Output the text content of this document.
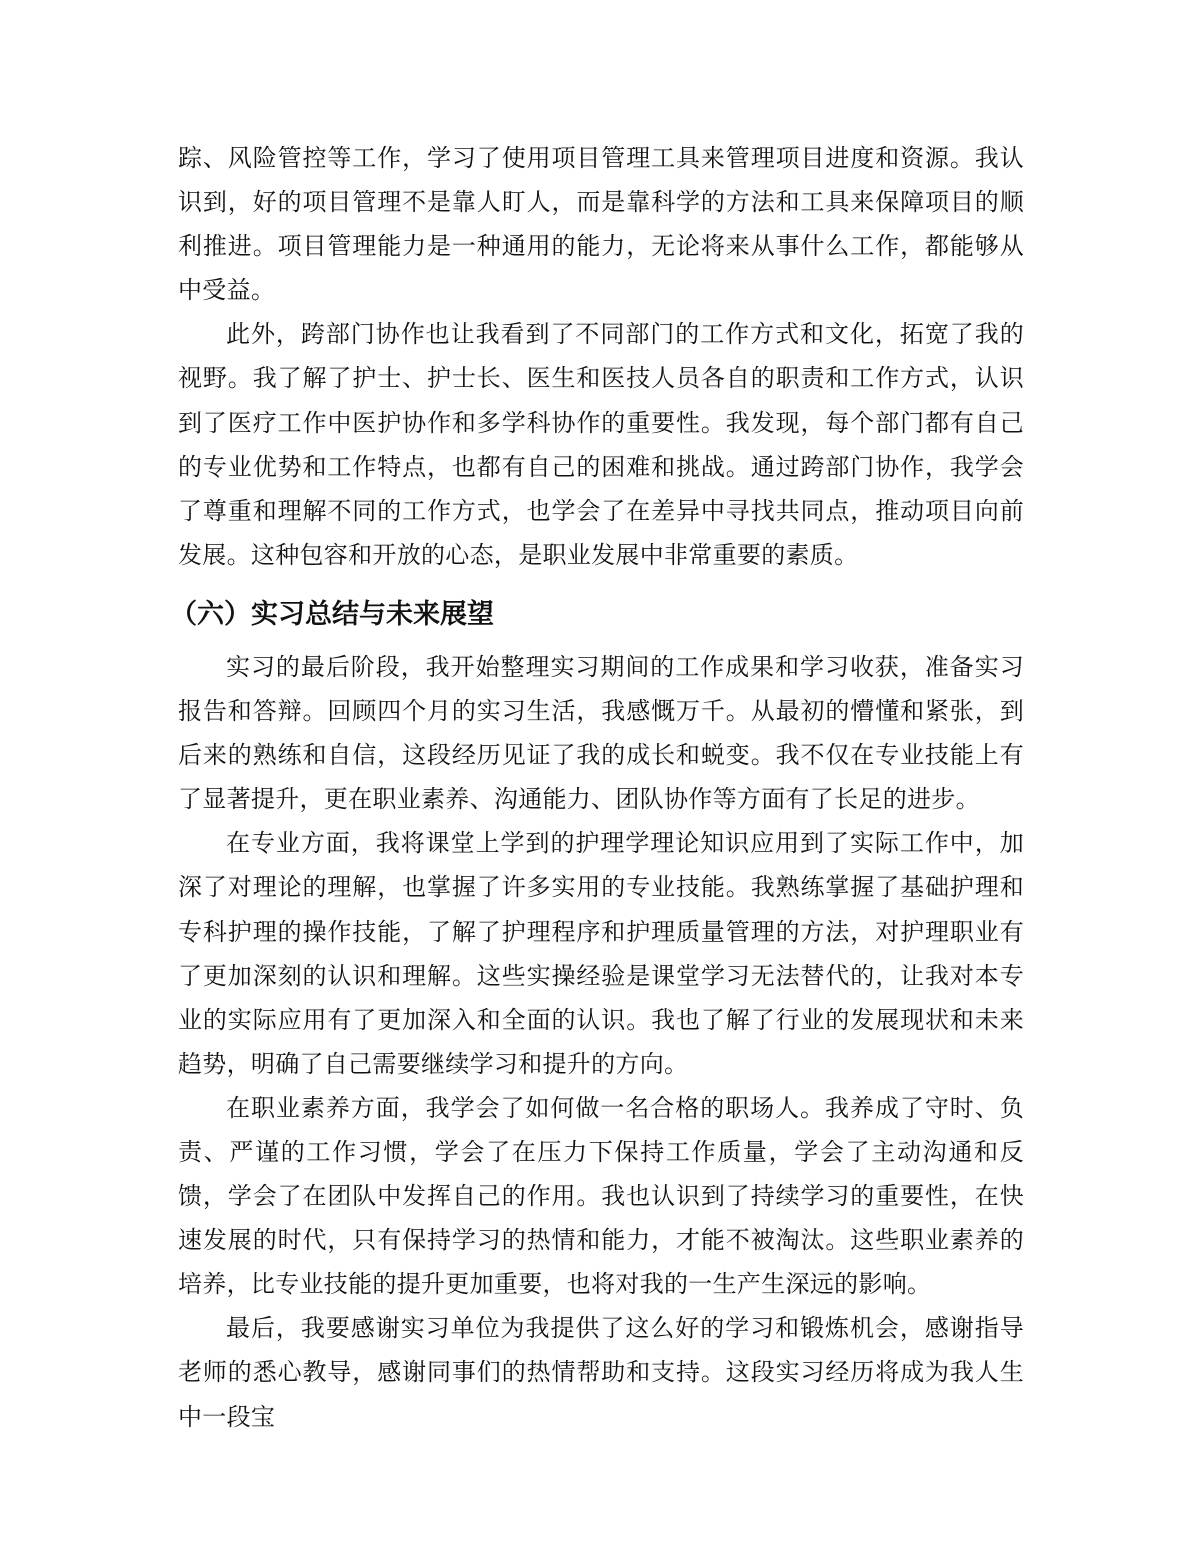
踪、风险管控等工作，学习了使用项目管理工具来管理项目进度和资源。我认识到，好的项目管理不是靠人盯人，而是靠科学的方法和工具来保障项目的顺利推进。项目管理能力是一种通用的能力，无论将来从事什么工作，都能够从中受益。

此外，跨部门协作也让我看到了不同部门的工作方式和文化，拓宽了我的视野。我了解了护士、护士长、医生和医技人员各自的职责和工作方式，认识到了医疗工作中医护协作和多学科协作的重要性。我发现，每个部门都有自己的专业优势和工作特点，也都有自己的困难和挑战。通过跨部门协作，我学会了尊重和理解不同的工作方式，也学会了在差异中寻找共同点，推动项目向前发展。这种包容和开放的心态，是职业发展中非常重要的素质。

（六）实习总结与未来展望

实习的最后阶段，我开始整理实习期间的工作成果和学习收获，准备实习报告和答辩。回顾四个月的实习生活，我感慨万千。从最初的懵懂和紧张，到后来的熟练和自信，这段经历见证了我的成长和蜕变。我不仅在专业技能上有了显著提升，更在职业素养、沟通能力、团队协作等方面有了长足的进步。

在专业方面，我将课堂上学到的护理学理论知识应用到了实际工作中，加深了对理论的理解，也掌握了许多实用的专业技能。我熟练掌握了基础护理和专科护理的操作技能，了解了护理程序和护理质量管理的方法，对护理职业有了更加深刻的认识和理解。这些实操经验是课堂学习无法替代的，让我对本专业的实际应用有了更加深入和全面的认识。我也了解了行业的发展现状和未来趋势，明确了自己需要继续学习和提升的方向。

在职业素养方面，我学会了如何做一名合格的职场人。我养成了守时、负责、严谨的工作习惯，学会了在压力下保持工作质量，学会了主动沟通和反馈，学会了在团队中发挥自己的作用。我也认识到了持续学习的重要性，在快速发展的时代，只有保持学习的热情和能力，才能不被淘汰。这些职业素养的培养，比专业技能的提升更加重要，也将对我的一生产生深远的影响。

最后，我要感谢实习单位为我提供了这么好的学习和锻炼机会，感谢指导老师的悉心教导，感谢同事们的热情帮助和支持。这段实习经历将成为我人生中一段宝
